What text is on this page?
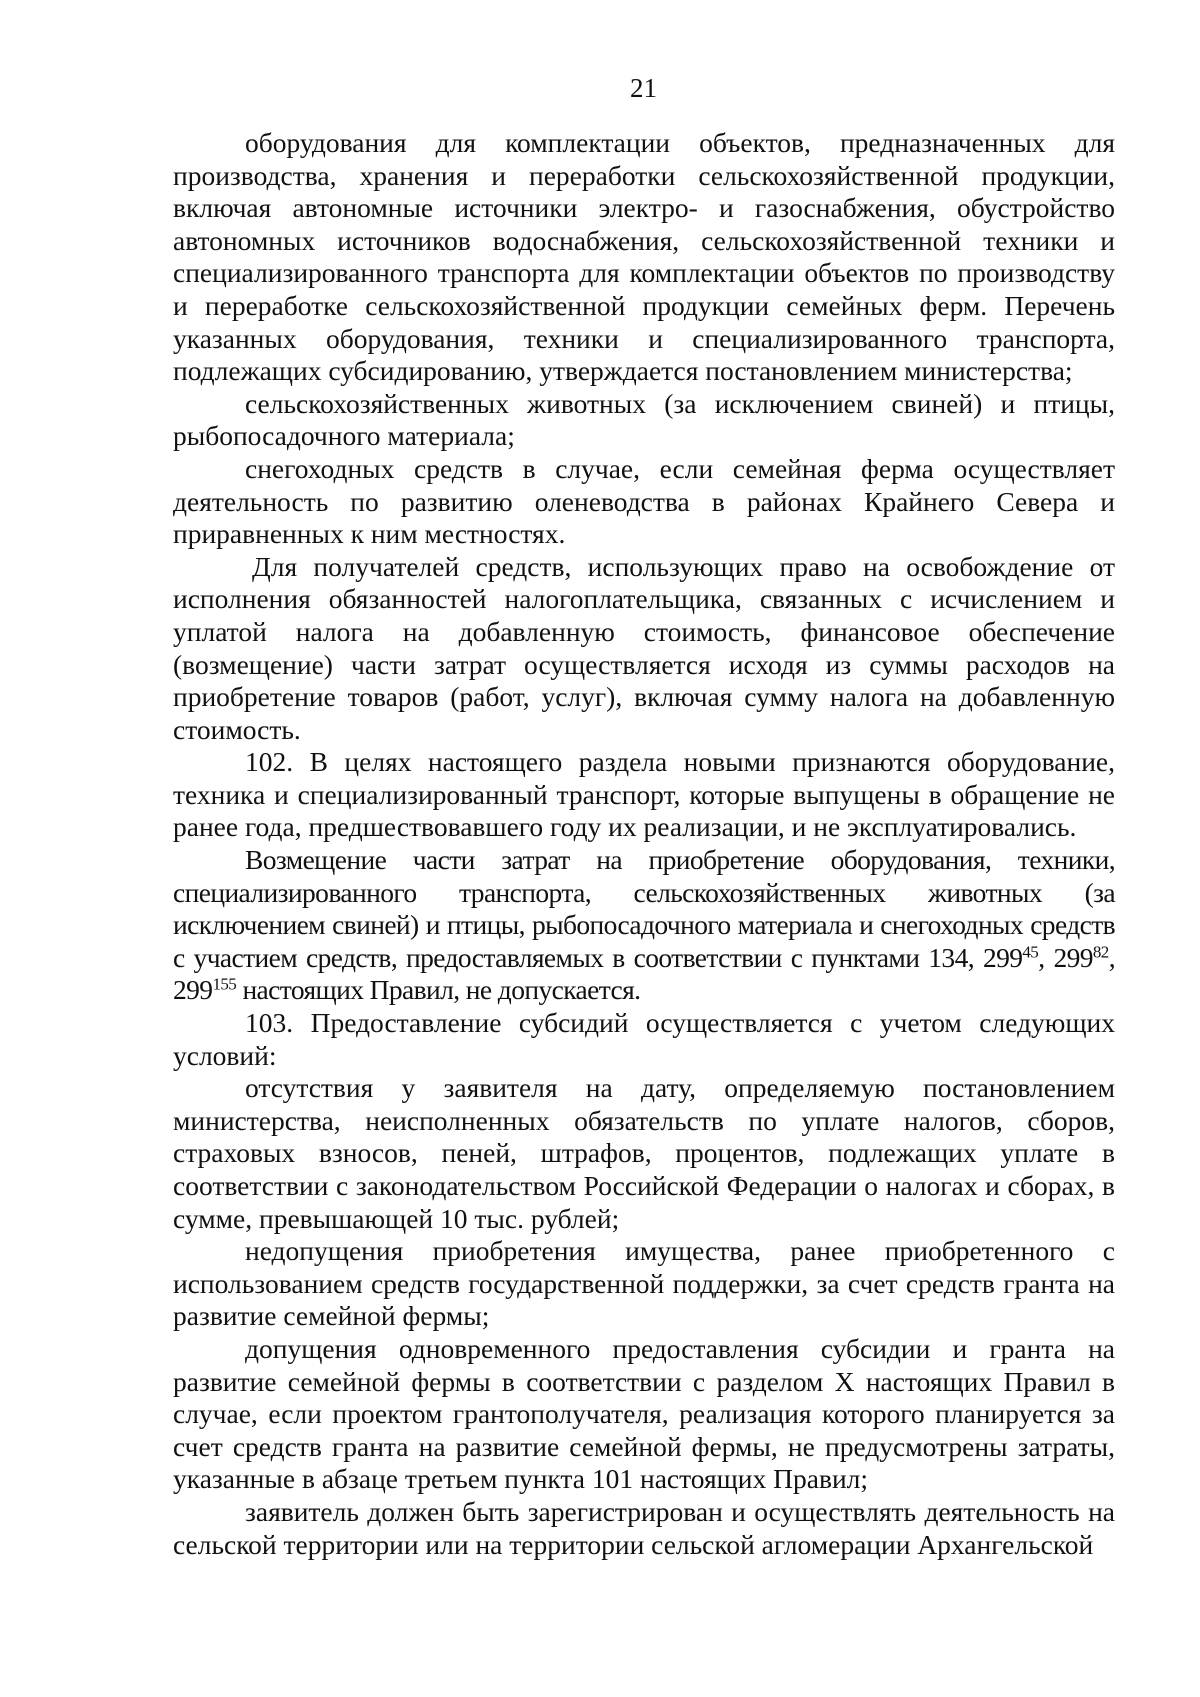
21

оборудования для комплектации объектов, предназначенных для производства, хранения и переработки сельскохозяйственной продукции, включая автономные источники электро- и газоснабжения, обустройство автономных источников водоснабжения, сельскохозяйственной техники и специализированного транспорта для комплектации объектов по производству и переработке сельскохозяйственной продукции семейных ферм. Перечень указанных оборудования, техники и специализированного транспорта, подлежащих субсидированию, утверждается постановлением министерства;

сельскохозяйственных животных (за исключением свиней) и птицы, рыбопосадочного материала;

снегоходных средств в случае, если семейная ферма осуществляет деятельность по развитию оленеводства в районах Крайнего Севера и приравненных к ним местностях.

Для получателей средств, использующих право на освобождение от исполнения обязанностей налогоплательщика, связанных с исчислением и уплатой налога на добавленную стоимость, финансовое обеспечение (возмещение) части затрат осуществляется исходя из суммы расходов на приобретение товаров (работ, услуг), включая сумму налога на добавленную стоимость.

102. В целях настоящего раздела новыми признаются оборудование, техника и специализированный транспорт, которые выпущены в обращение не ранее года, предшествовавшего году их реализации, и не эксплуатировались.

Возмещение части затрат на приобретение оборудования, техники, специализированного транспорта, сельскохозяйственных животных (за исключением свиней) и птицы, рыбопосадочного материала и снегоходных средств с участием средств, предоставляемых в соответствии с пунктами 134, $299^{45}$, $299^{82}$, $299^{155}$ настоящих Правил, не допускается.

103. Предоставление субсидий осуществляется с учетом следующих условий:

отсутствия у заявителя на дату, определяемую постановлением министерства, неисполненных обязательств по уплате налогов, сборов, страховых взносов, пеней, штрафов, процентов, подлежащих уплате в соответствии с законодательством Российской Федерации о налогах и сборах, в сумме, превышающей 10 тыс. рублей;

недопущения приобретения имущества, ранее приобретенного с использованием средств государственной поддержки, за счет средств гранта на развитие семейной фермы;

допущения одновременного предоставления субсидии и гранта на развитие семейной фермы в соответствии с разделом X настоящих Правил в случае, если проектом грантополучателя, реализация которого планируется за счет средств гранта на развитие семейной фермы, не предусмотрены затраты, указанные в абзаце третьем пункта 101 настоящих Правил;

заявитель должен быть зарегистрирован и осуществлять деятельность на сельской территории или на территории сельской агломерации Архангельской
